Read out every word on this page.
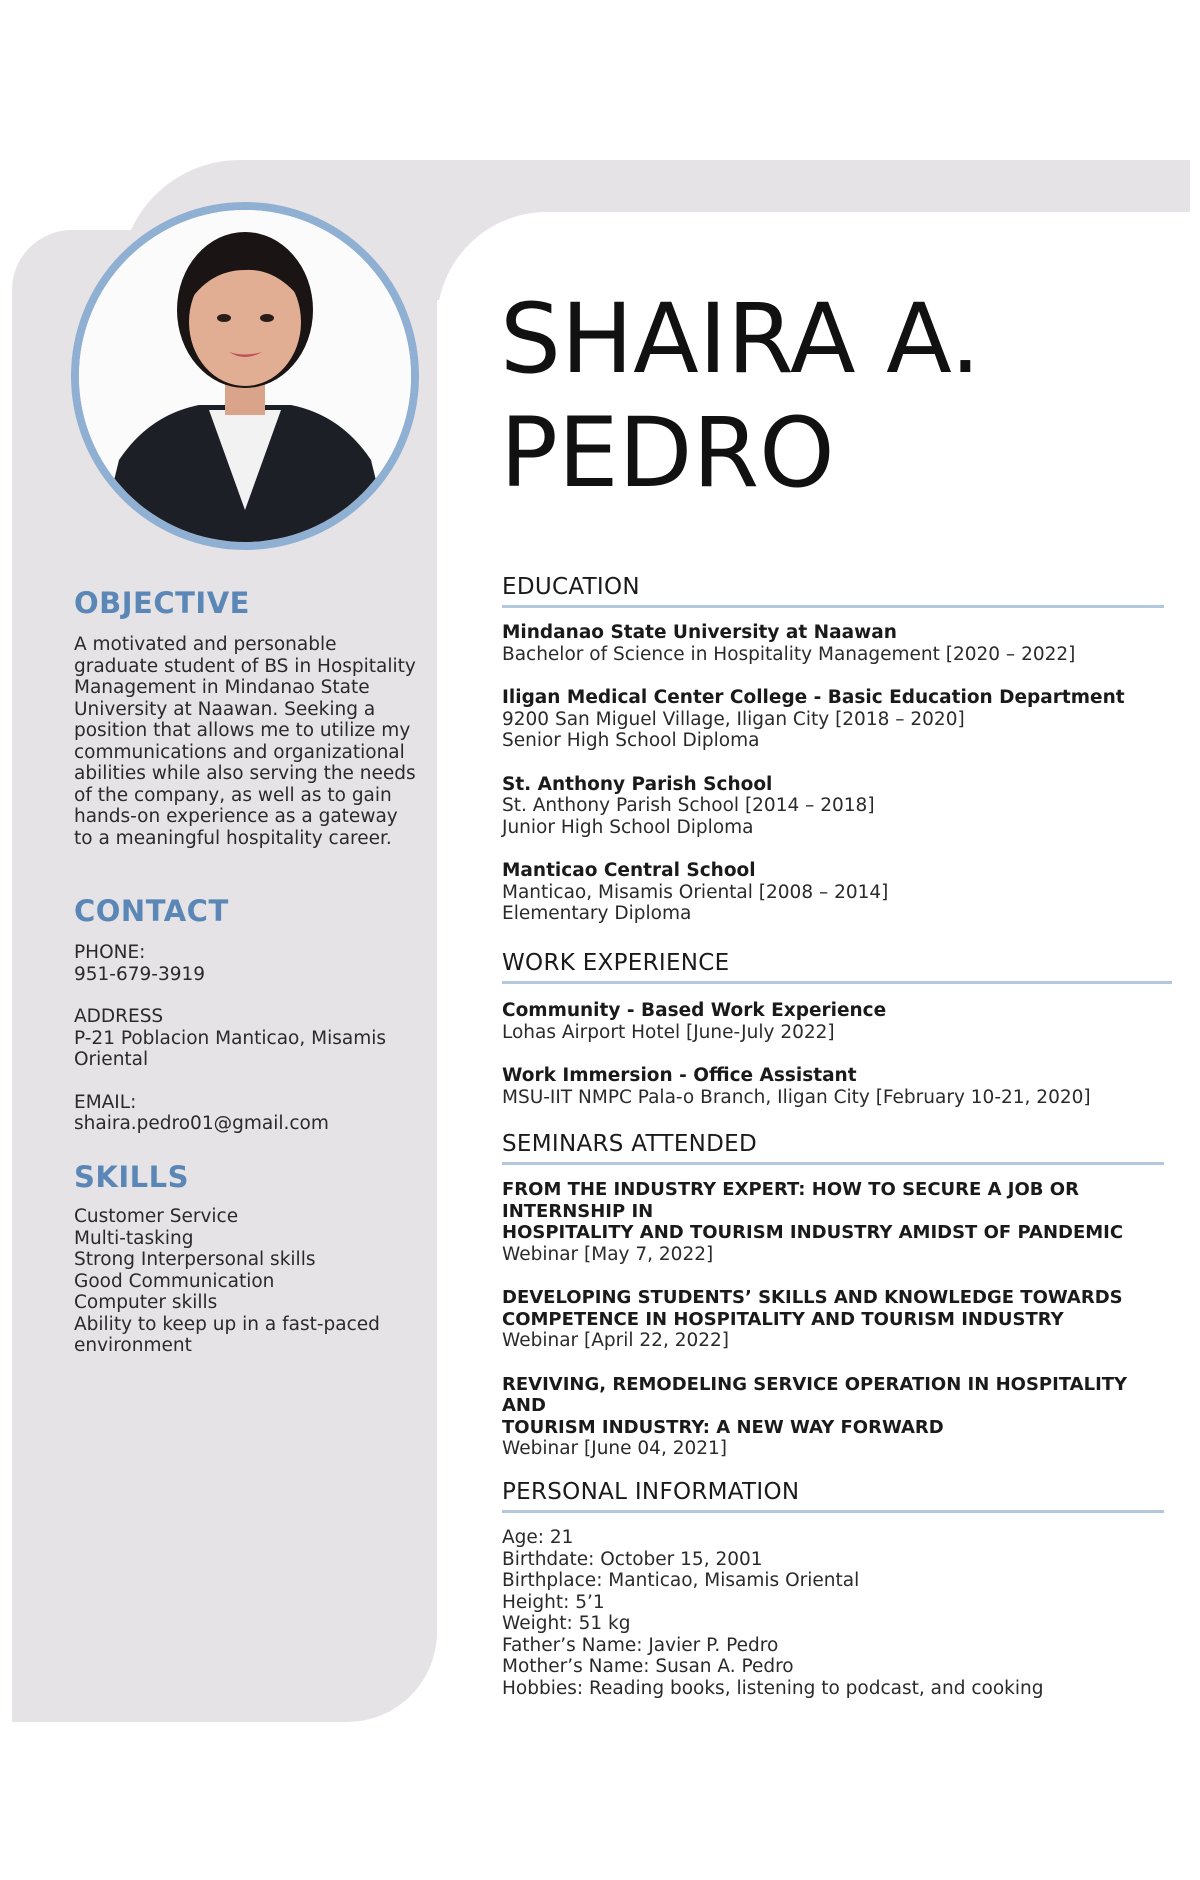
OBJECTIVE
A motivated and personable
graduate student of BS in Hospitality
Management in Mindanao State
University at Naawan. Seeking a
position that allows me to utilize my
communications and organizational
abilities while also serving the needs
of the company, as well as to gain
hands-on experience as a gateway
to a meaningful hospitality career.
CONTACT
PHONE:
951-679-3919
ADDRESS
P-21 Poblacion Manticao, Misamis
Oriental
EMAIL:
shaira.pedro01@gmail.com
SKILLS
Customer Service
Multi-tasking
Strong Interpersonal skills
Good Communication
Computer skills
Ability to keep up in a fast-paced
environment
SHAIRA A.
PEDRO
EDUCATION
Mindanao State University at Naawan
Bachelor of Science in Hospitality Management [2020 – 2022]
Iligan Medical Center College - Basic Education Department
9200 San Miguel Village, Iligan City [2018 – 2020]
Senior High School Diploma
St. Anthony Parish School
St. Anthony Parish School [2014 – 2018]
Junior High School Diploma
Manticao Central School
Manticao, Misamis Oriental [2008 – 2014]
Elementary Diploma
WORK EXPERIENCE
Community - Based Work Experience
Lohas Airport Hotel [June-July 2022]
Work Immersion - Office Assistant
MSU-IIT NMPC Pala-o Branch, Iligan City [February 10-21, 2020]
SEMINARS ATTENDED
FROM THE INDUSTRY EXPERT: HOW TO SECURE A JOB OR
INTERNSHIP IN
HOSPITALITY AND TOURISM INDUSTRY AMIDST OF PANDEMIC
Webinar [May 7, 2022]
DEVELOPING STUDENTS’ SKILLS AND KNOWLEDGE TOWARDS
COMPETENCE IN HOSPITALITY AND TOURISM INDUSTRY
Webinar [April 22, 2022]
REVIVING, REMODELING SERVICE OPERATION IN HOSPITALITY
AND
TOURISM INDUSTRY: A NEW WAY FORWARD
Webinar [June 04, 2021]
PERSONAL INFORMATION
Age: 21
Birthdate: October 15, 2001
Birthplace: Manticao, Misamis Oriental
Height: 5’1
Weight: 51 kg
Father’s Name: Javier P. Pedro
Mother’s Name: Susan A. Pedro
Hobbies: Reading books, listening to podcast, and cooking
